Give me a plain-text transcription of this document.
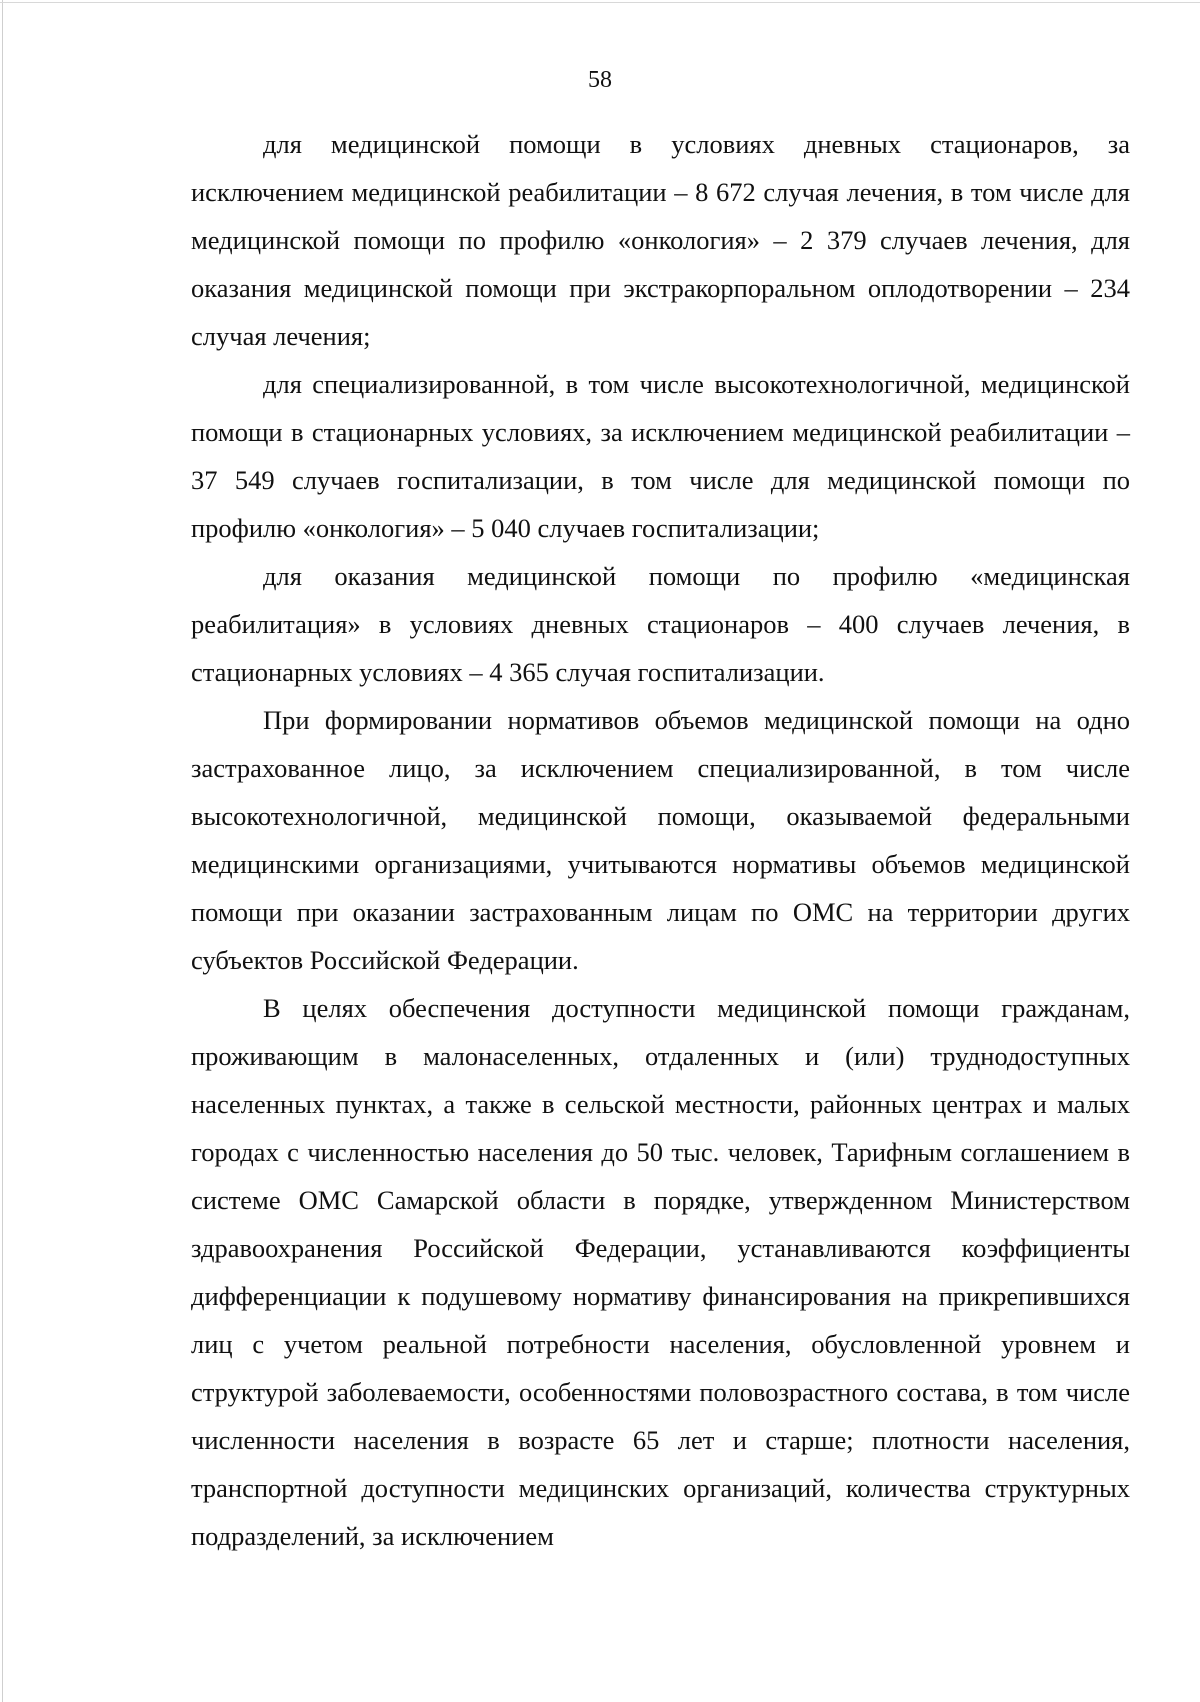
58

для медицинской помощи в условиях дневных стационаров, за исключением медицинской реабилитации – 8 672 случая лечения, в том числе для медицинской помощи по профилю «онкология» – 2 379 случаев лечения, для оказания медицинской помощи при экстракорпоральном оплодотворении – 234 случая лечения;

для специализированной, в том числе высокотехнологичной, медицинской помощи в стационарных условиях, за исключением медицинской реабилитации – 37 549 случаев госпитализации, в том числе для медицинской помощи по профилю «онкология» – 5 040 случаев госпитализации;

для оказания медицинской помощи по профилю «медицинская реабилитация» в условиях дневных стационаров – 400 случаев лечения, в стационарных условиях – 4 365 случая госпитализации.

При формировании нормативов объемов медицинской помощи на одно застрахованное лицо, за исключением специализированной, в том числе высокотехнологичной, медицинской помощи, оказываемой федеральными медицинскими организациями, учитываются нормативы объемов медицинской помощи при оказании застрахованным лицам по ОМС на территории других субъектов Российской Федерации.

В целях обеспечения доступности медицинской помощи гражданам, проживающим в малонаселенных, отдаленных и (или) труднодоступных населенных пунктах, а также в сельской местности, районных центрах и малых городах с численностью населения до 50 тыс. человек, Тарифным соглашением в системе ОМС Самарской области в порядке, утвержденном Министерством здравоохранения Российской Федерации, устанавливаются коэффициенты дифференциации к подушевому нормативу финансирования на прикрепившихся лиц с учетом реальной потребности населения, обусловленной уровнем и структурой заболеваемости, особенностями половозрастного состава, в том числе численности населения в возрасте 65 лет и старше; плотности населения, транспортной доступности медицинских организаций, количества структурных подразделений, за исключением
